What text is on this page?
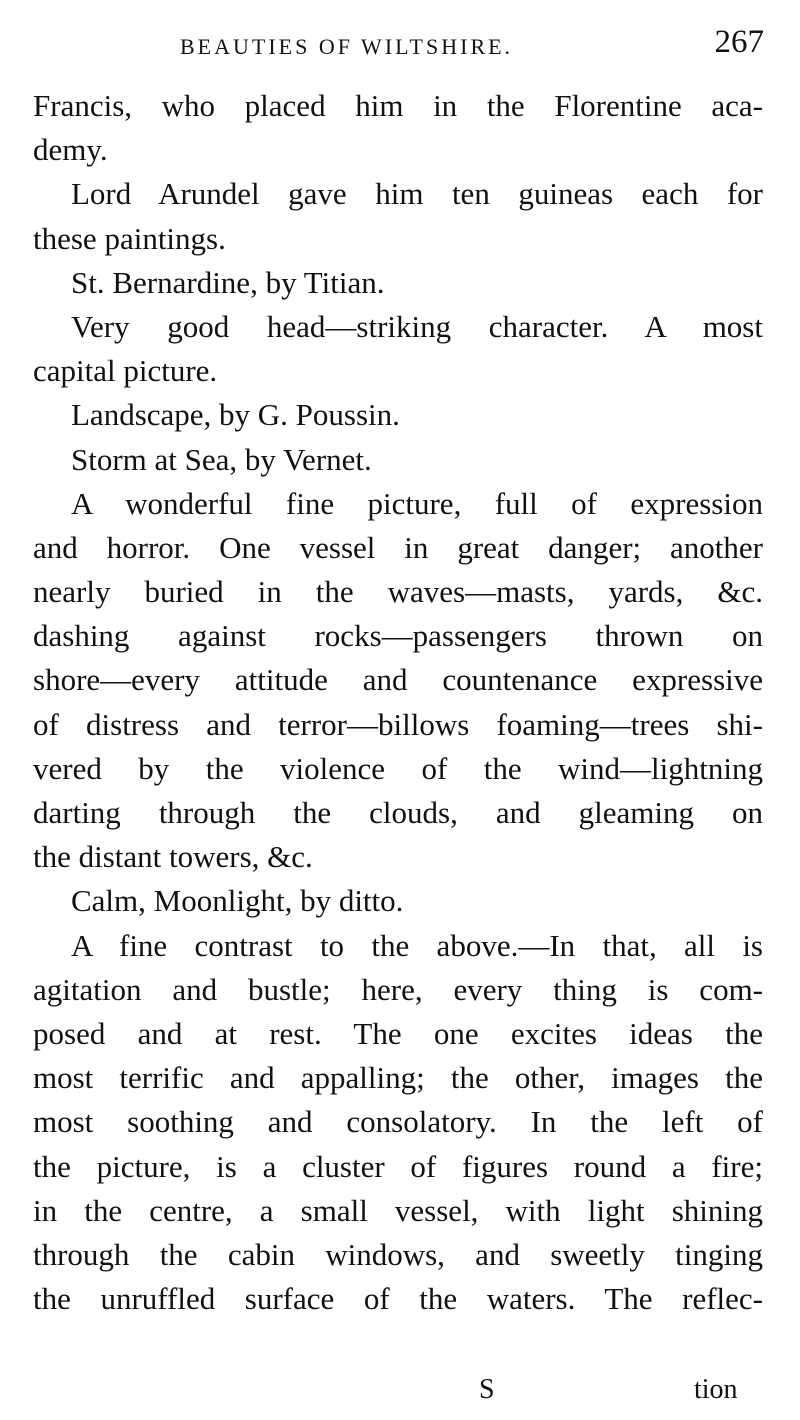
BEAUTIES OF WILTSHIRE.	267
Francis, who placed him in the Florentine aca-
demy.
Lord Arundel gave him ten guineas each for
these paintings.
St. Bernardine, by Titian.
Very good head—striking character. A most
capital picture.
Landscape, by G. Poussin.
Storm at Sea, by Vernet.
A wonderful fine picture, full of expression
and horror. One vessel in great danger; another
nearly buried in the waves—masts, yards, &c.
dashing against rocks—passengers thrown on
shore—every attitude and countenance expressive
of distress and terror—billows foaming—trees shi-
vered by the violence of the wind—lightning
darting through the clouds, and gleaming on
the distant towers, &c.
Calm, Moonlight, by ditto.
A fine contrast to the above.—In that, all is
agitation and bustle; here, every thing is com-
posed and at rest. The one excites ideas the
most terrific and appalling; the other, images the
most soothing and consolatory. In the left of
the picture, is a cluster of figures round a fire;
in the centre, a small vessel, with light shining
through the cabin windows, and sweetly tinging
the unruffled surface of the waters. The reflec-
S	tion
